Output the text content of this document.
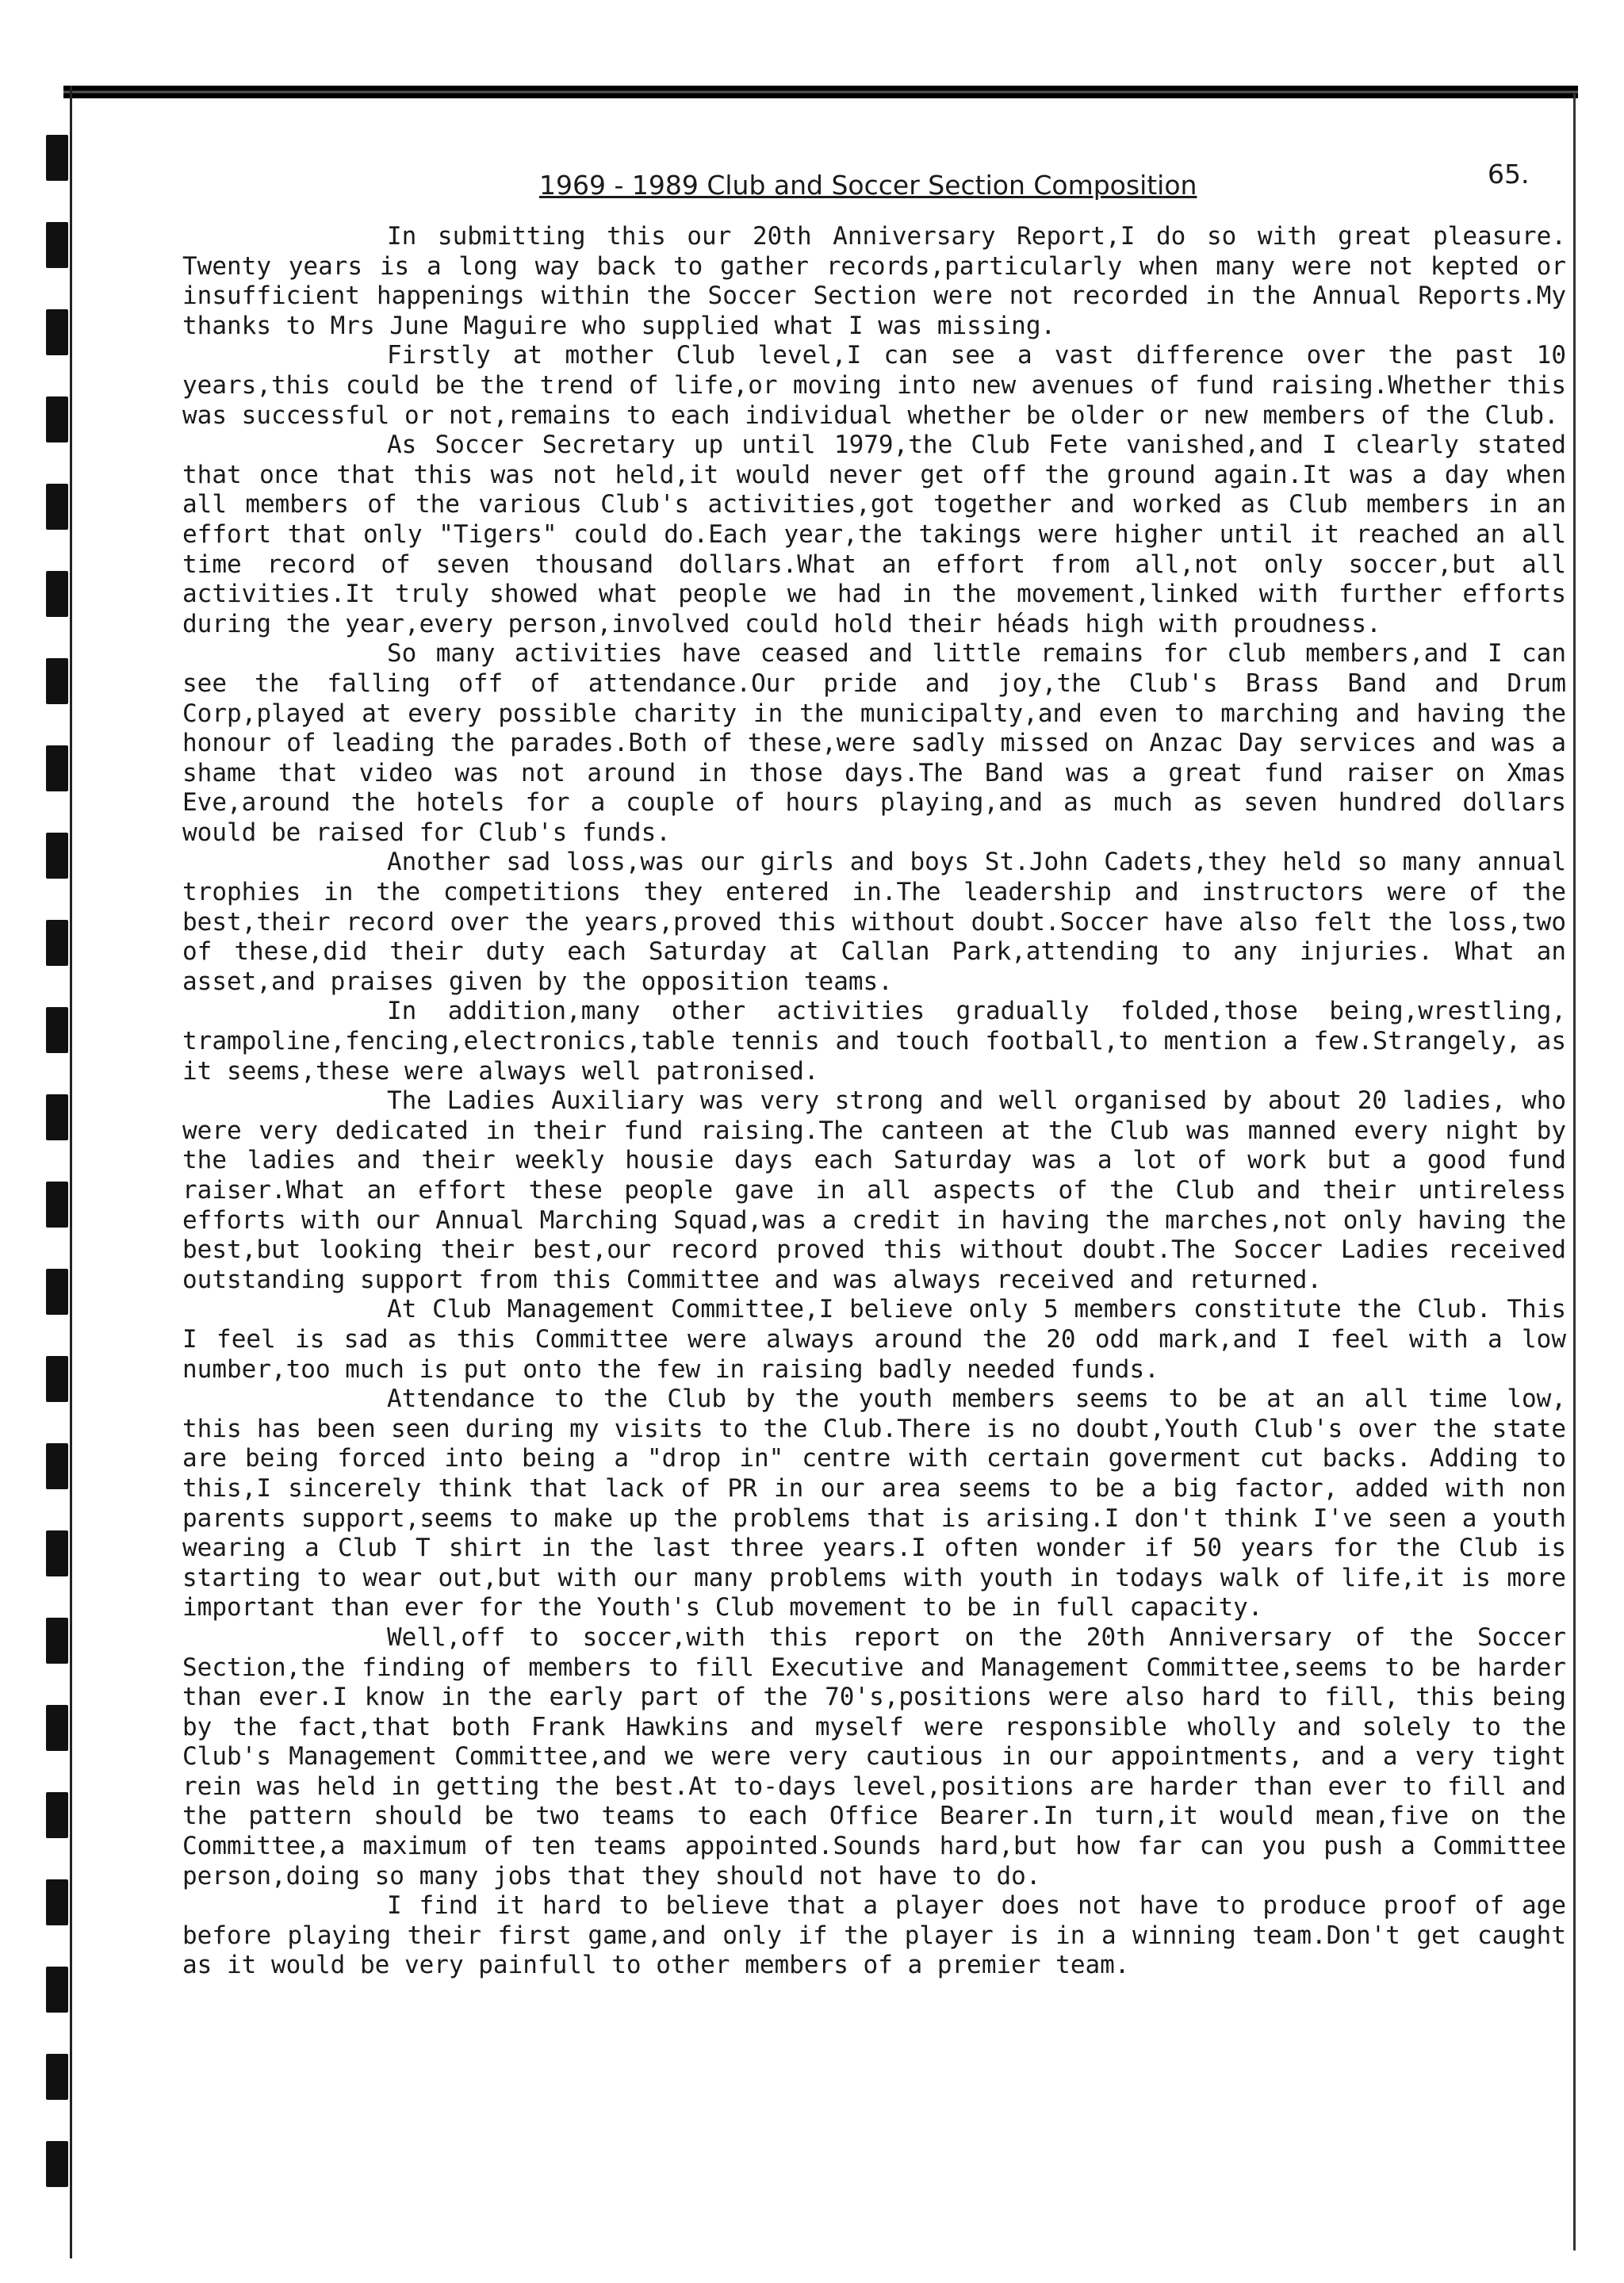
1969 - 1989 Club and Soccer Section Composition	65.

In submitting this our 20th Anniversary Report,I do so with great pleasure. Twenty years is a long way back to gather records,particularly when many were not kepted or insufficient happenings within the Soccer Section were not recorded in the Annual Reports.My thanks to Mrs June Maguire who supplied what I was missing.

Firstly at mother Club level,I can see a vast difference over the past 10 years,this could be the trend of life,or moving into new avenues of fund raising.Whether this was successful or not,remains to each individual whether be older or new members of the Club.

As Soccer Secretary up until 1979,the Club Fete vanished,and I clearly stated that once that this was not held,it would never get off the ground again.It was a day when all members of the various Club's activities,got together and worked as Club members in an effort that only "Tigers" could do.Each year,the takings were higher until it reached an all time record of seven thousand dollars.What an effort from all,not only soccer,but all activities.It truly showed what people we had in the movement,linked with further efforts during the year,every person,involved could hold their héads high with proudness.

So many activities have ceased and little remains for club members,and I can see the falling off of attendance.Our pride and joy,the Club's Brass Band and Drum Corp,played at every possible charity in the municipalty,and even to marching and having the honour of leading the parades.Both of these,were sadly missed on Anzac Day services and was a shame that video was not around in those days.The Band was a great fund raiser on Xmas Eve,around the hotels for a couple of hours playing,and as much as seven hundred dollars would be raised for Club's funds.

Another sad loss,was our girls and boys St.John Cadets,they held so many annual trophies in the competitions they entered in.The leadership and instructors were of the best,their record over the years,proved this without doubt.Soccer have also felt the loss,two of these,did their duty each Saturday at Callan Park,attending to any injuries. What an asset,and praises given by the opposition teams.

In addition,many other activities gradually folded,those being,wrestling, trampoline,fencing,electronics,table tennis and touch football,to mention a few.Strangely, as it seems,these were always well patronised.

The Ladies Auxiliary was very strong and well organised by about 20 ladies, who were very dedicated in their fund raising.The canteen at the Club was manned every night by the ladies and their weekly housie days each Saturday was a lot of work but a good fund raiser.What an effort these people gave in all aspects of the Club and their untireless efforts with our Annual Marching Squad,was a credit in having the marches,not only having the best,but looking their best,our record proved this without doubt.The Soccer Ladies received outstanding support from this Committee and was always received and returned.

At Club Management Committee,I believe only 5 members constitute the Club. This I feel is sad as this Committee were always around the 20 odd mark,and I feel with a low number,too much is put onto the few in raising badly needed funds.

Attendance to the Club by the youth members seems to be at an all time low, this has been seen during my visits to the Club.There is no doubt,Youth Club's over the state are being forced into being a "drop in" centre with certain goverment cut backs. Adding to this,I sincerely think that lack of PR in our area seems to be a big factor, added with non parents support,seems to make up the problems that is arising.I don't think I've seen a youth wearing a Club T shirt in the last three years.I often wonder if 50 years for the Club is starting to wear out,but with our many problems with youth in todays walk of life,it is more important than ever for the Youth's Club movement to be in full capacity.

Well,off to soccer,with this report on the 20th Anniversary of the Soccer Section,the finding of members to fill Executive and Management Committee,seems to be harder than ever.I know in the early part of the 70's,positions were also hard to fill, this being by the fact,that both Frank Hawkins and myself were responsible wholly and solely to the Club's Management Committee,and we were very cautious in our appointments, and a very tight rein was held in getting the best.At to-days level,positions are harder than ever to fill and the pattern should be two teams to each Office Bearer.In turn,it would mean,five on the Committee,a maximum of ten teams appointed.Sounds hard,but how far can you push a Committee person,doing so many jobs that they should not have to do.

I find it hard to believe that a player does not have to produce proof of age before playing their first game,and only if the player is in a winning team.Don't get caught as it would be very painfull to other members of a premier team.
